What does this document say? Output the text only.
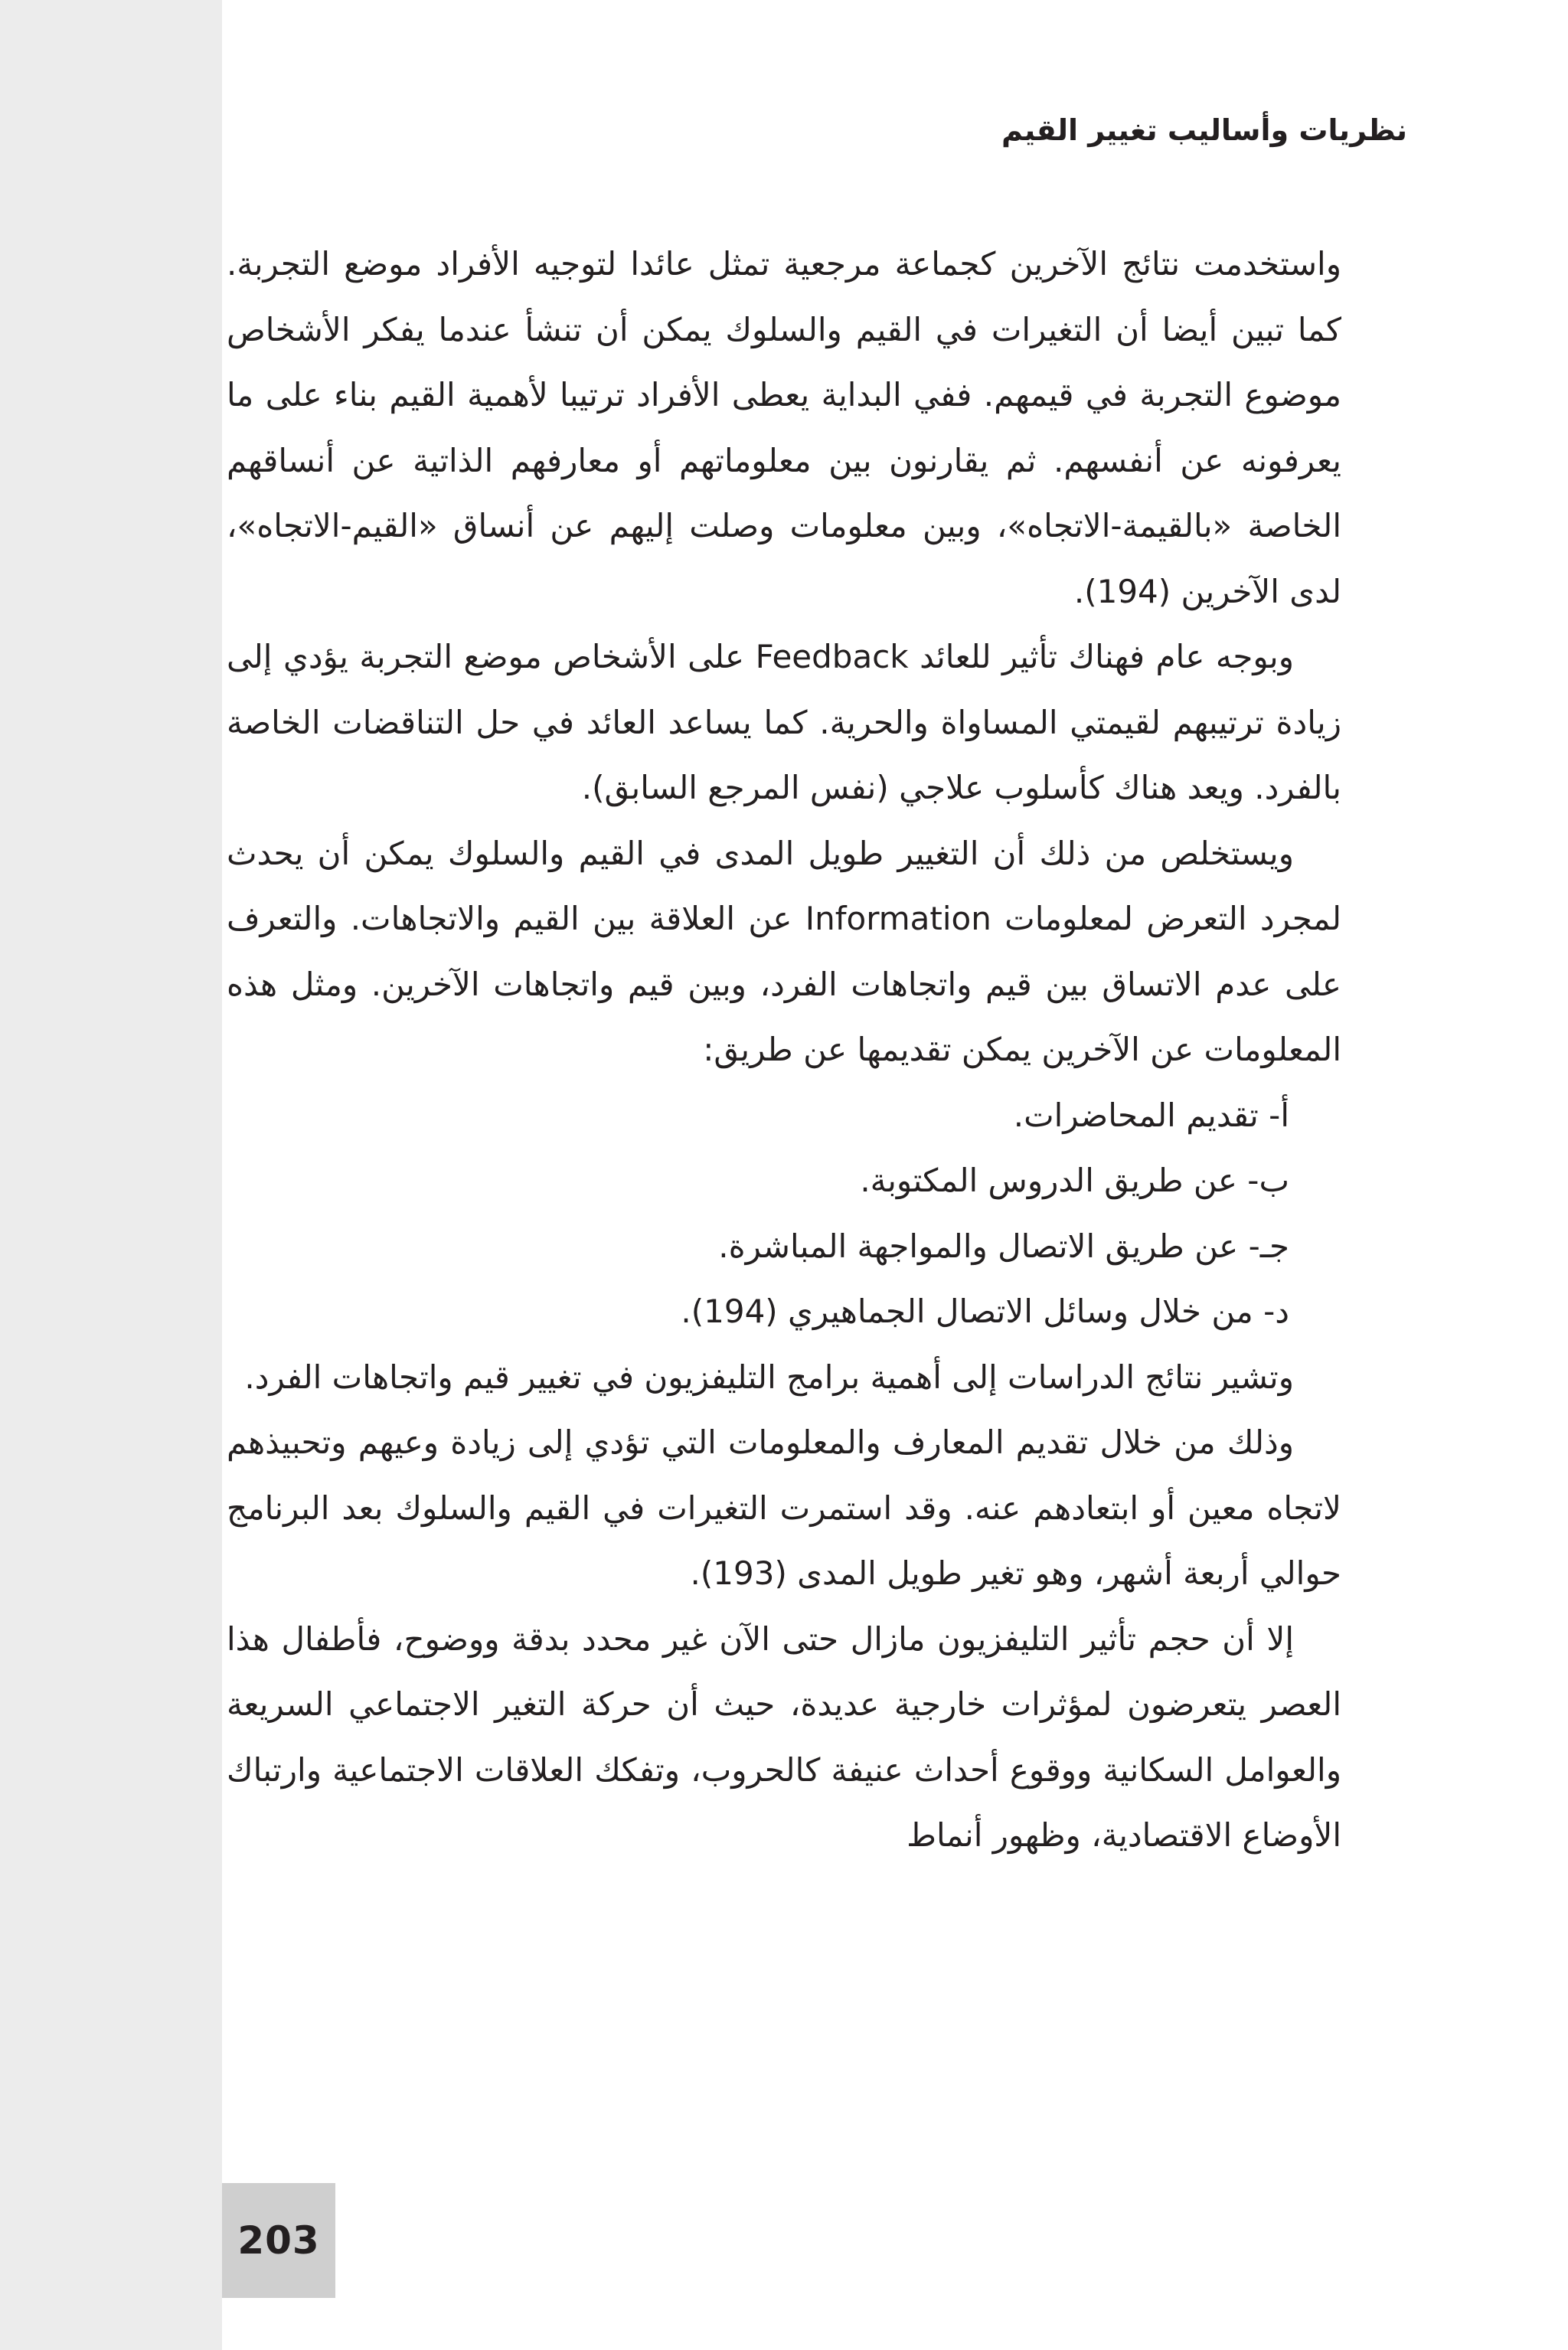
نظريات وأساليب تغيير القيم

واستخدمت نتائج الآخرين كجماعة مرجعية تمثل عائدا لتوجيه الأفراد موضع التجربة. كما تبين أيضا أن التغيرات في القيم والسلوك يمكن أن تنشأ عندما يفكر الأشخاص موضوع التجربة في قيمهم. ففي البداية يعطى الأفراد ترتيبا لأهمية القيم بناء على ما يعرفونه عن أنفسهم. ثم يقارنون بين معلوماتهم أو معارفهم الذاتية عن أنساقهم الخاصة «بالقيمة-الاتجاه»، وبين معلومات وصلت إليهم عن أنساق «القيم-الاتجاه»، لدى الآخرين (194).

وبوجه عام فهناك تأثير للعائد Feedback على الأشخاص موضع التجربة يؤدي إلى زيادة ترتيبهم لقيمتي المساواة والحرية. كما يساعد العائد في حل التناقضات الخاصة بالفرد. ويعد هناك كأسلوب علاجي (نفس المرجع السابق).

ويستخلص من ذلك أن التغيير طويل المدى في القيم والسلوك يمكن أن يحدث لمجرد التعرض لمعلومات Information عن العلاقة بين القيم والاتجاهات. والتعرف على عدم الاتساق بين قيم واتجاهات الفرد، وبين قيم واتجاهات الآخرين. ومثل هذه المعلومات عن الآخرين يمكن تقديمها عن طريق:

أ- تقديم المحاضرات.

ب- عن طريق الدروس المكتوبة.

جـ- عن طريق الاتصال والمواجهة المباشرة.

د- من خلال وسائل الاتصال الجماهيري (194).

وتشير نتائج الدراسات إلى أهمية برامج التليفزيون في تغيير قيم واتجاهات الفرد.

وذلك من خلال تقديم المعارف والمعلومات التي تؤدي إلى زيادة وعيهم وتحبيذهم لاتجاه معين أو ابتعادهم عنه. وقد استمرت التغيرات في القيم والسلوك بعد البرنامج حوالي أربعة أشهر، وهو تغير طويل المدى (193).

إلا أن حجم تأثير التليفزيون مازال حتى الآن غير محدد بدقة ووضوح، فأطفال هذا العصر يتعرضون لمؤثرات خارجية عديدة، حيث أن حركة التغير الاجتماعي السريعة والعوامل السكانية ووقوع أحداث عنيفة كالحروب، وتفكك العلاقات الاجتماعية وارتباك الأوضاع الاقتصادية، وظهور أنماط

203
